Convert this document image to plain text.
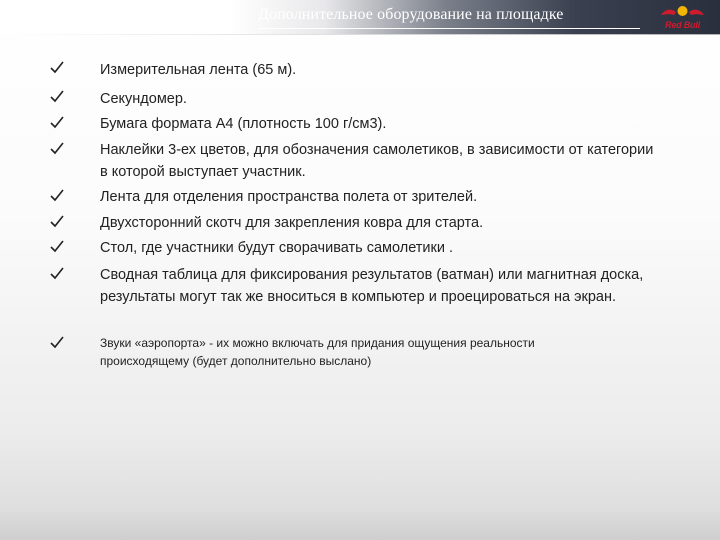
Дополнительное оборудование на площадке
Red Bull
Измерительная лента (65 м).
Секундомер.
Бумага формата А4 (плотность 100 г/см3).
Наклейки 3-ех цветов, для обозначения самолетиков, в зависимости от категории в которой выступает участник.
Лента для отделения пространства полета от зрителей.
Двухсторонний скотч для закрепления ковра для старта.
Стол, где участники будут сворачивать самолетики .
Сводная таблица для фиксирования результатов (ватман) или магнитная доска, результаты могут так же вноситься в компьютер и проецироваться на экран.
Звуки «аэропорта» - их можно включать для придания ощущения реальности происходящему (будет дополнительно выслано)
